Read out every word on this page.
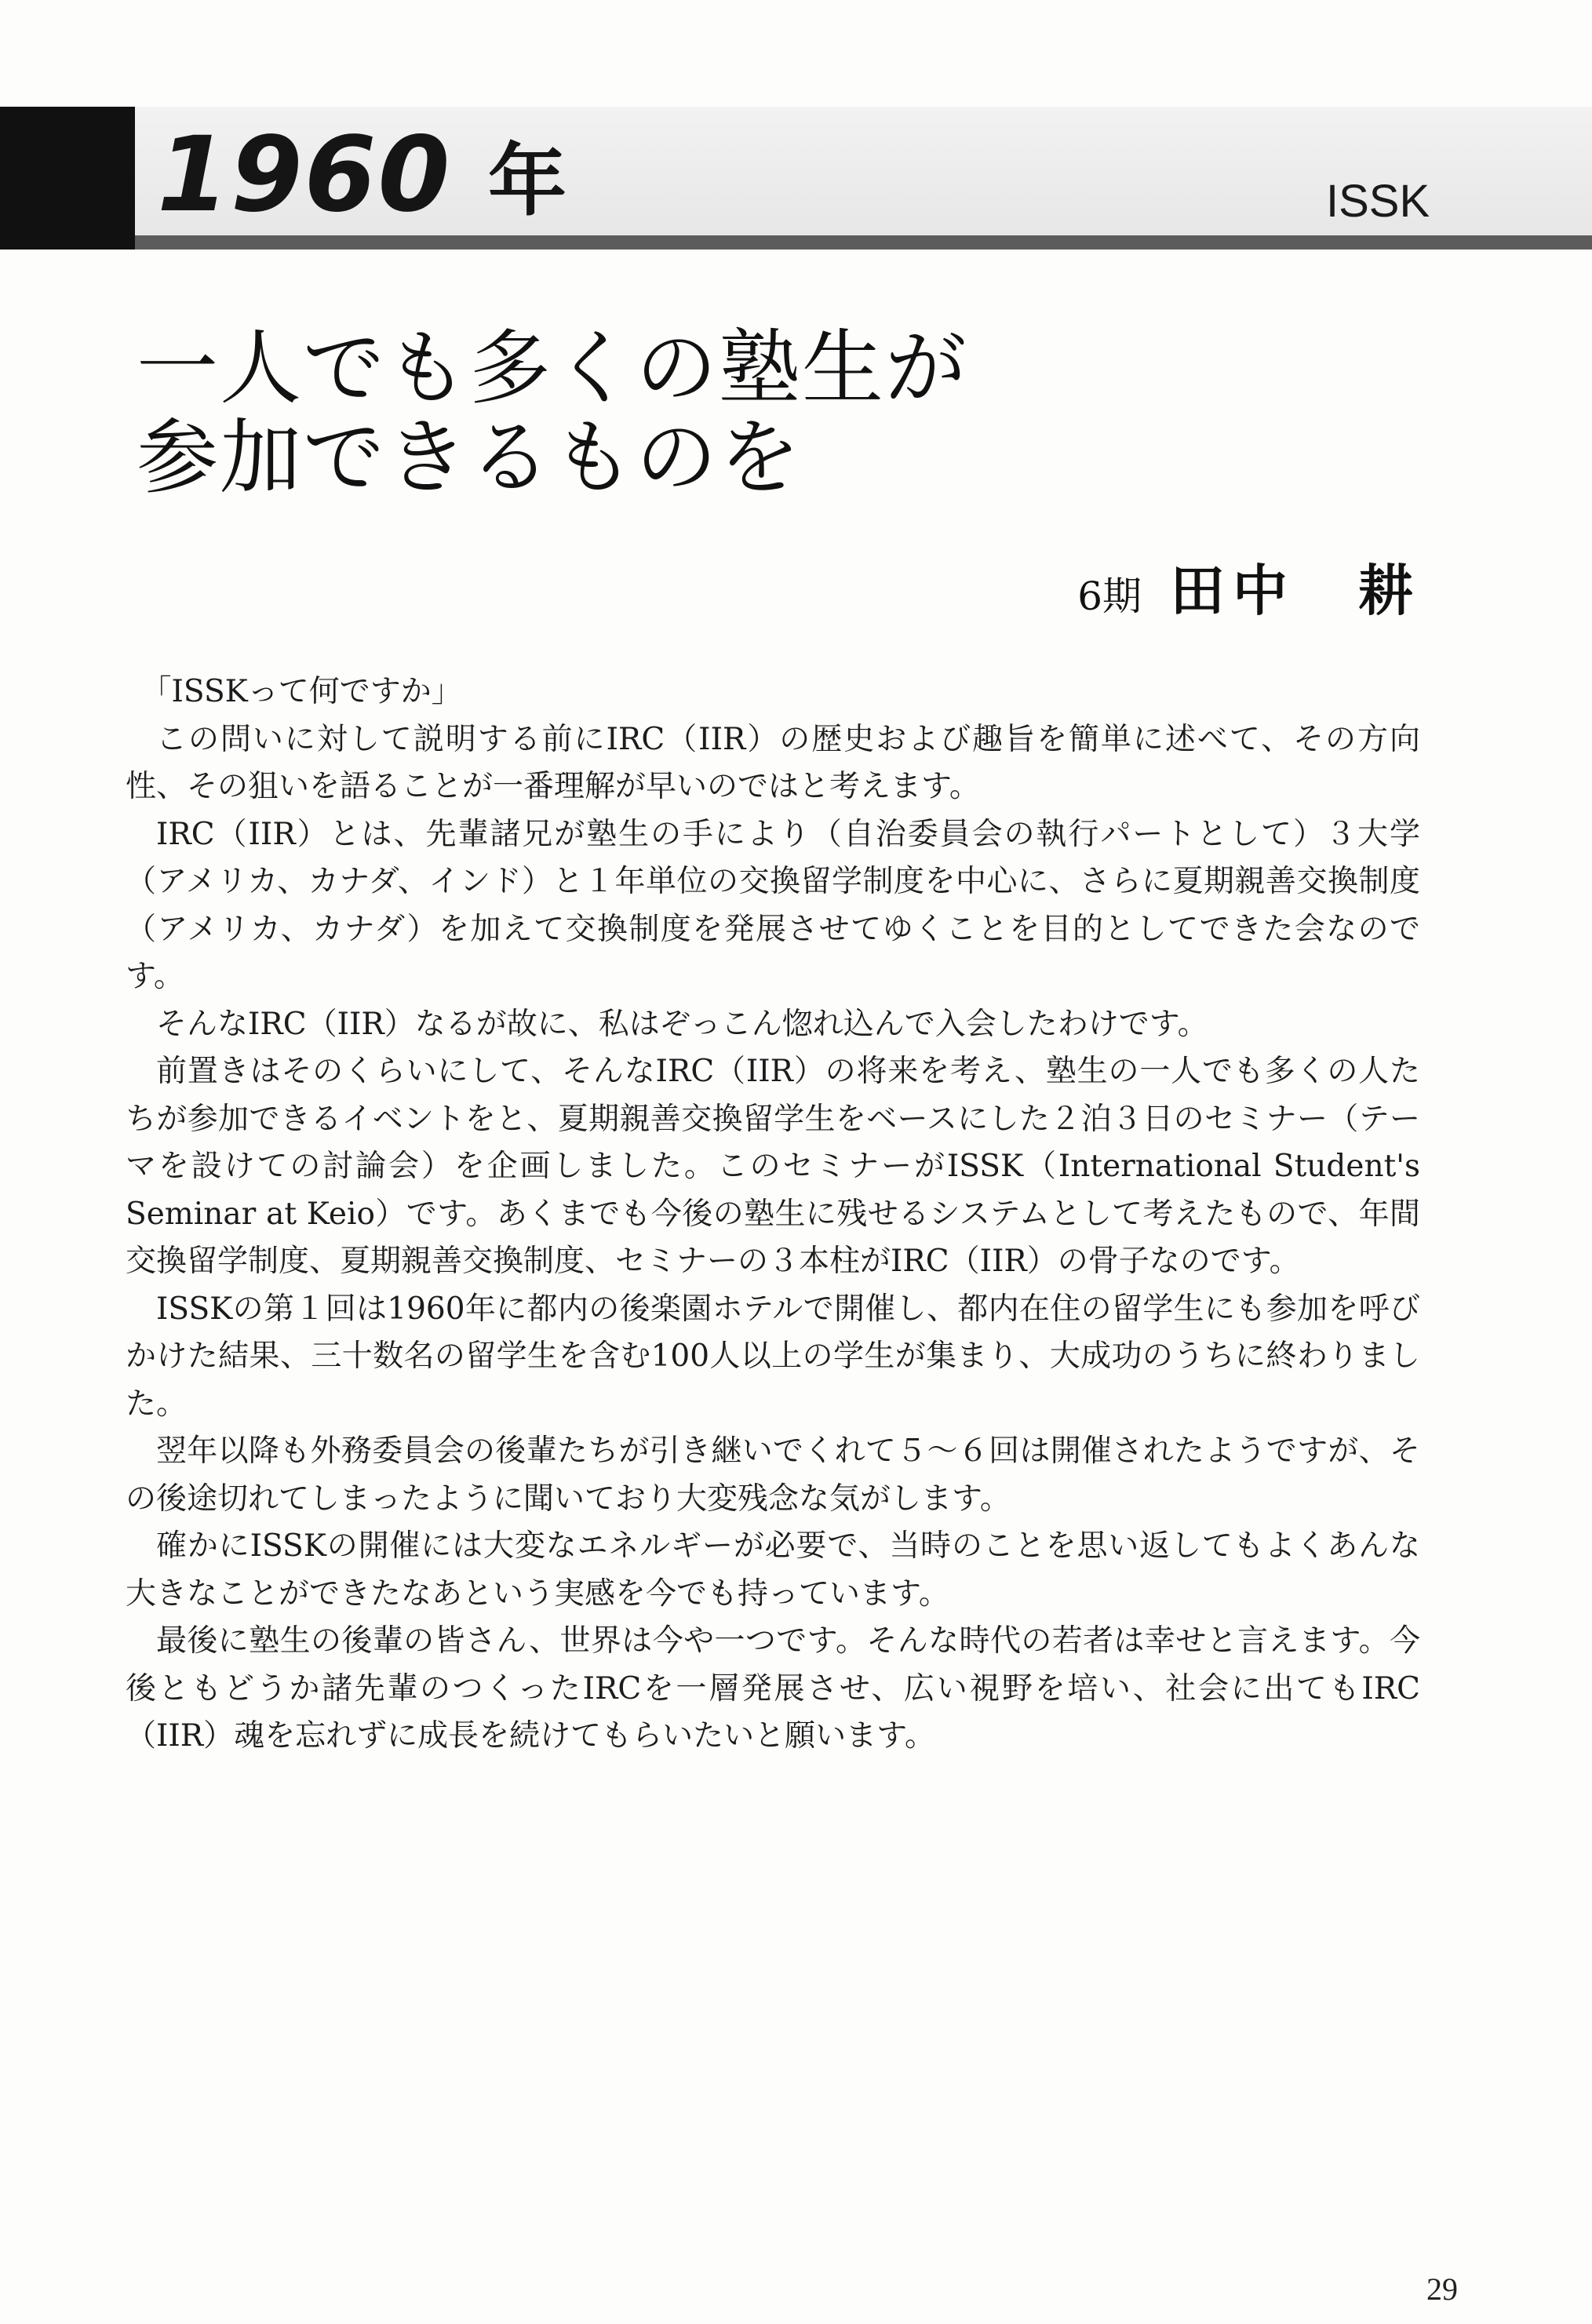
1960 年	ISSK
一人でも多くの塾生が
参加できるものを
6期 田中　耕

「ISSKって何ですか」

この問いに対して説明する前にIRC（IIR）の歴史および趣旨を簡単に述べて、その方向性、その狙いを語ることが一番理解が早いのではと考えます。

IRC（IIR）とは、先輩諸兄が塾生の手により（自治委員会の執行パートとして）３大学（アメリカ、カナダ、インド）と１年単位の交換留学制度を中心に、さらに夏期親善交換制度（アメリカ、カナダ）を加えて交換制度を発展させてゆくことを目的としてできた会なのです。

そんなIRC（IIR）なるが故に、私はぞっこん惚れ込んで入会したわけです。

前置きはそのくらいにして、そんなIRC（IIR）の将来を考え、塾生の一人でも多くの人たちが参加できるイベントをと、夏期親善交換留学生をベースにした２泊３日のセミナー（テーマを設けての討論会）を企画しました。このセミナーがISSK（International Student's Seminar at Keio）です。あくまでも今後の塾生に残せるシステムとして考えたもので、年間交換留学制度、夏期親善交換制度、セミナーの３本柱がIRC（IIR）の骨子なのです。

ISSKの第１回は1960年に都内の後楽園ホテルで開催し、都内在住の留学生にも参加を呼びかけた結果、三十数名の留学生を含む100人以上の学生が集まり、大成功のうちに終わりました。

翌年以降も外務委員会の後輩たちが引き継いでくれて５～６回は開催されたようですが、その後途切れてしまったように聞いており大変残念な気がします。

確かにISSKの開催には大変なエネルギーが必要で、当時のことを思い返してもよくあんな大きなことができたなあという実感を今でも持っています。

最後に塾生の後輩の皆さん、世界は今や一つです。そんな時代の若者は幸せと言えます。今後ともどうか諸先輩のつくったIRCを一層発展させ、広い視野を培い、社会に出てもIRC（IIR）魂を忘れずに成長を続けてもらいたいと願います。

29
